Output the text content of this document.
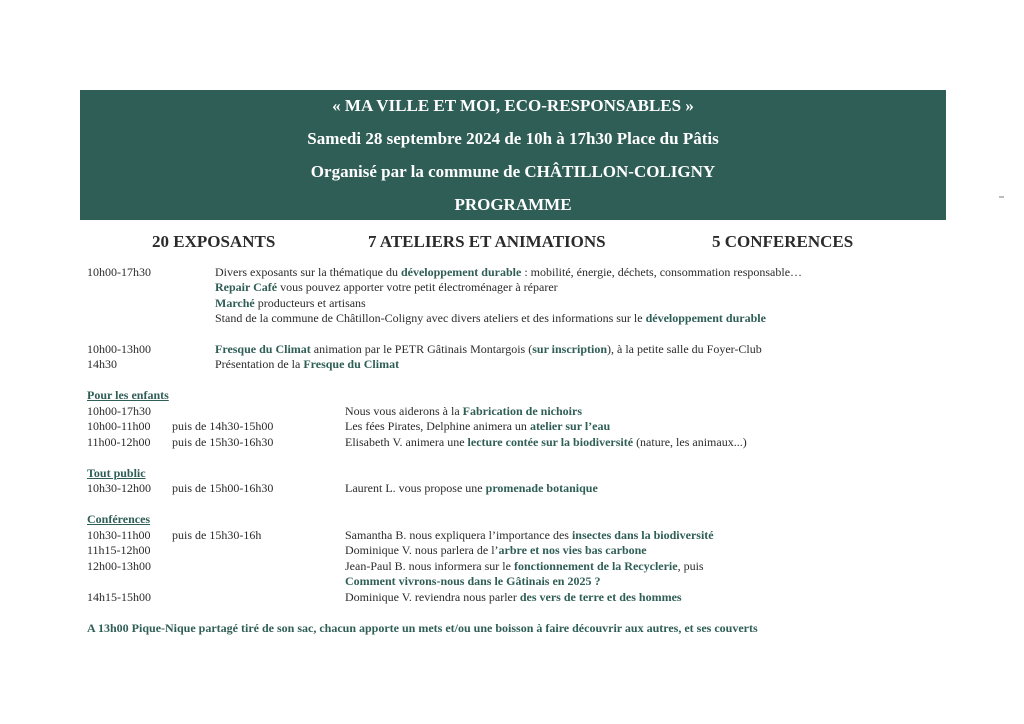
« MA VILLE ET MOI, ECO-RESPONSABLES »
Samedi 28 septembre 2024 de 10h à 17h30 Place du Pâtis
Organisé par la commune de CHÂTILLON-COLIGNY
PROGRAMME
20 EXPOSANTS	7 ATELIERS ET ANIMATIONS	5 CONFERENCES
10h00-17h30	Divers exposants sur la thématique du développement durable : mobilité, énergie, déchets, consommation responsable…
Repair Café vous pouvez apporter votre petit électroménager à réparer
Marché producteurs et artisans
Stand de la commune de Châtillon-Coligny avec divers ateliers et des informations sur le développement durable
10h00-13h00	Fresque du Climat animation par le PETR Gâtinais Montargois (sur inscription), à la petite salle du Foyer-Club
14h30	Présentation de la Fresque du Climat
Pour les enfants
10h00-17h30	Nous vous aiderons à la Fabrication de nichoirs
10h00-11h00 puis de 14h30-15h00	Les fées Pirates, Delphine animera un atelier sur l’eau
11h00-12h00 puis de 15h30-16h30	Elisabeth V. animera une lecture contée sur la biodiversité (nature, les animaux...)
Tout public
10h30-12h00 puis de 15h00-16h30	Laurent L. vous propose une promenade botanique
Conférences
10h30-11h00 puis de 15h30-16h	Samantha B. nous expliquera l’importance des insectes dans la biodiversité
11h15-12h00	Dominique V. nous parlera de l’arbre et nos vies bas carbone
12h00-13h00	Jean-Paul B. nous informera sur le fonctionnement de la Recyclerie, puis
Comment vivrons-nous dans le Gâtinais en 2025 ?
14h15-15h00	Dominique V. reviendra nous parler des vers de terre et des hommes
A 13h00 Pique-Nique partagé tiré de son sac, chacun apporte un mets et/ou une boisson à faire découvrir aux autres, et ses couverts
